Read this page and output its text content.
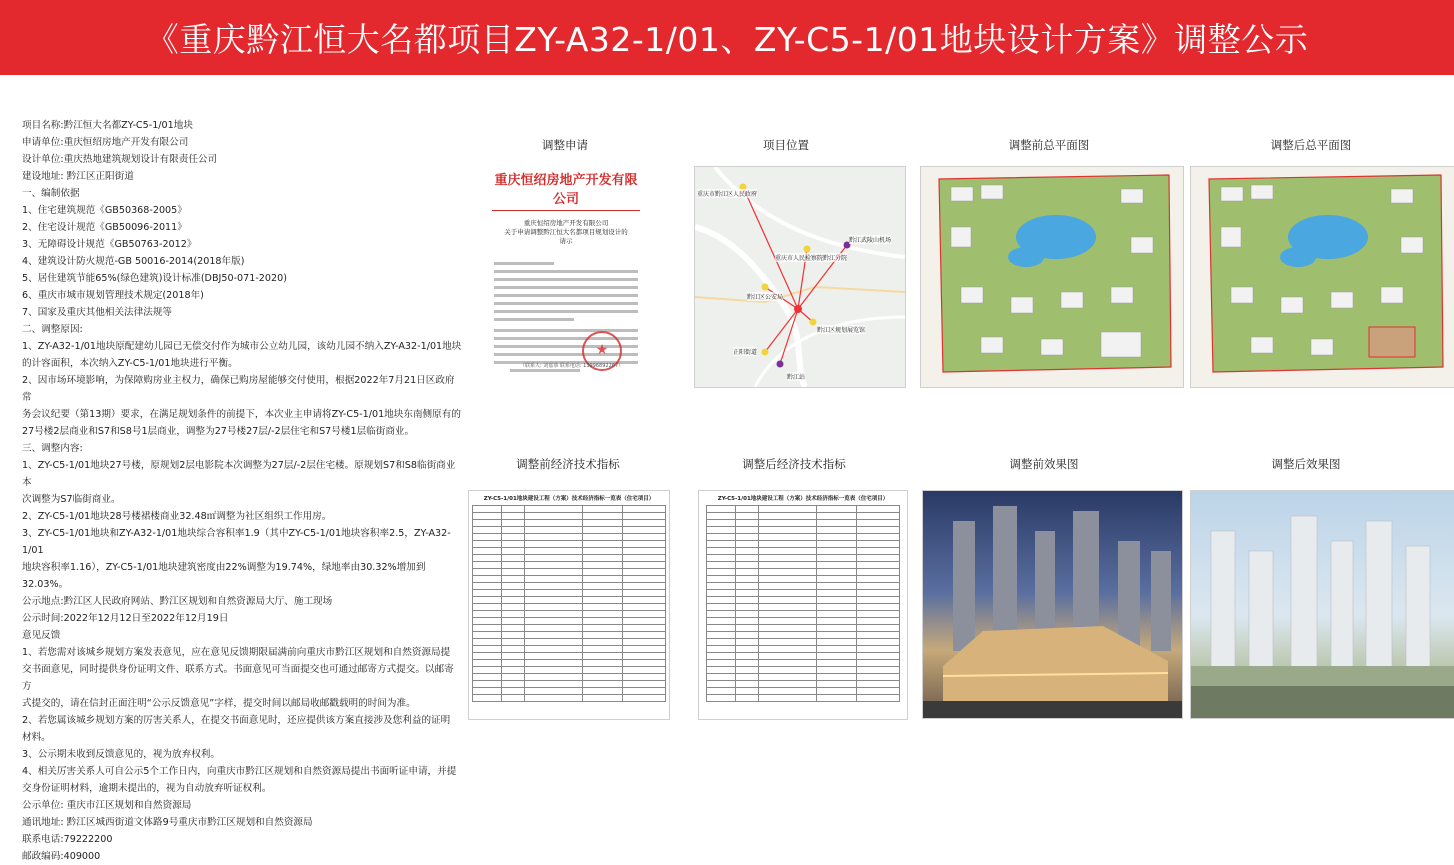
《重庆黔江恒大名都项目ZY-A32-1/01、ZY-C5-1/01地块设计方案》调整公示

项目名称:黔江恒大名都ZY-C5-1/01地块

申请单位:重庆恒绍房地产开发有限公司

设计单位:重庆热地建筑规划设计有限责任公司

建设地址: 黔江区正阳街道

一、编制依据

1、住宅建筑规范《GB50368-2005》

2、住宅设计规范《GB50096-2011》

3、无障碍设计规范《GB50763-2012》

4、建筑设计防火规范-GB 50016-2014(2018年版)

5、居住建筑节能65%(绿色建筑)设计标准(DBJ50-071-2020)

6、重庆市城市规划管理技术规定(2018年)

7、国家及重庆其他相关法律法规等

二、调整原因:

1、ZY-A32-1/01地块原配建幼儿园已无偿交付作为城市公立幼儿园，该幼儿园不纳入ZY-A32-1/01地块

的计容面积，本次纳入ZY-C5-1/01地块进行平衡。

2、因市场环境影响，为保障购房业主权力，确保已购房屋能够交付使用，根据2022年7月21日区政府常

务会议纪要（第13期）要求，在满足规划条件的前提下，本次业主申请将ZY-C5-1/01地块东南侧原有的

27号楼2层商业和S7和S8号1层商业，调整为27号楼27层/-2层住宅和S7号楼1层临街商业。

三、调整内容:

1、ZY-C5-1/01地块27号楼，原规划2层电影院本次调整为27层/-2层住宅楼。原规划S7和S8临街商业本

次调整为S7临街商业。

2、ZY-C5-1/01地块28号楼裙楼商业32.48㎡调整为社区组织工作用房。

3、ZY-C5-1/01地块和ZY-A32-1/01地块综合容积率1.9（其中ZY-C5-1/01地块容积率2.5，ZY-A32-1/01

地块容积率1.16），ZY-C5-1/01地块建筑密度由22%调整为19.74%，绿地率由30.32%增加到32.03%。

公示地点:黔江区人民政府网站、黔江区规划和自然资源局大厅、施工现场

公示时间:2022年12月12日至2022年12月19日

意见反馈

1、若您需对该城乡规划方案发表意见，应在意见反馈期限届满前向重庆市黔江区规划和自然资源局提

交书面意见，同时提供身份证明文件、联系方式。书面意见可当面提交也可通过邮寄方式提交。以邮寄方

式提交的，请在信封正面注明“公示反馈意见”字样，提交时间以邮局收邮戳载明的时间为准。

2、若您属该城乡规划方案的厉害关系人，在提交书面意见时，还应提供该方案直接涉及您利益的证明

材料。

3、公示期未收到反馈意见的，视为放弃权利。

4、相关厉害关系人可自公示5个工作日内，向重庆市黔江区规划和自然资源局提出书面听证申请，并提

交身份证明材料，逾期未提出的，视为自动放弃听证权利。

公示单位: 重庆市江区规划和自然资源局

通讯地址: 黔江区城西街道文体路9号重庆市黔江区规划和自然资源局

联系电话:79222200

邮政编码:409000

调整申请	项目位置	调整前总平面图	调整后总平面图
调整前经济技术指标	调整后经济技术指标	调整前效果图	调整后效果图
重庆恒绍房地产开发有限公司
重庆恒绍房地产开发有限公司
关于申请调整黔江恒大名都项目规划设计的
请示
★
（联系人: 刘嘉恭 联系电话: 13996892267）
重庆市黔江区人民政府
黔江武陵山机场
重庆市人民检察院黔江分院
黔江区公安局
黔江区规划展览馆
正阳街道
黔江站
ZY-C5-1/01地块建设工程（方案）技术经济指标一览表（住宅项目）

					ZY-C5-1/01地块建设工程（方案）技术经济指标一览表（住宅项目）
